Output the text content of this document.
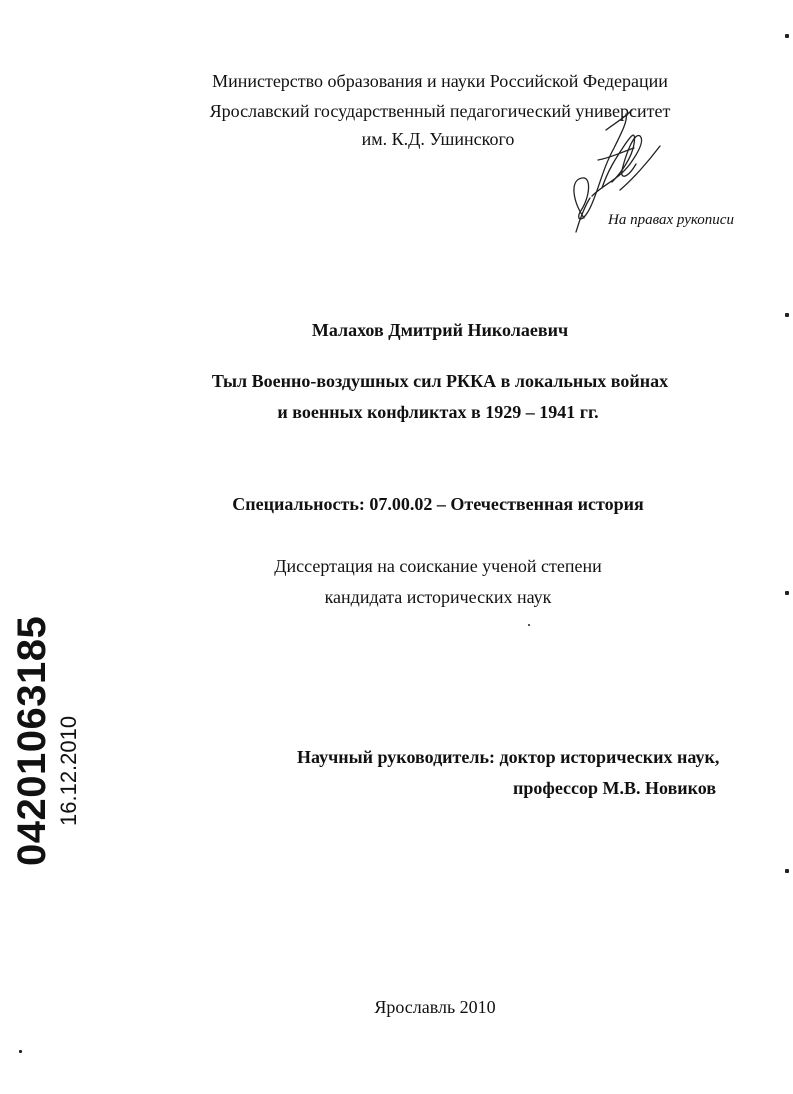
Министерство образования и науки Российской Федерации
Ярославский государственный педагогический университет
им. К.Д. Ушинского
На правах рукописи
Малахов Дмитрий Николаевич
Тыл Военно-воздушных сил РККА в локальных войнах
и военных конфликтах в 1929 – 1941 гг.
Специальность: 07.00.02 – Отечественная история
Диссертация на соискание ученой степени
кандидата исторических наук
Научный руководитель: доктор исторических наук,
профессор М.В. Новиков
Ярославль 2010
04201063185 16.12.2010
